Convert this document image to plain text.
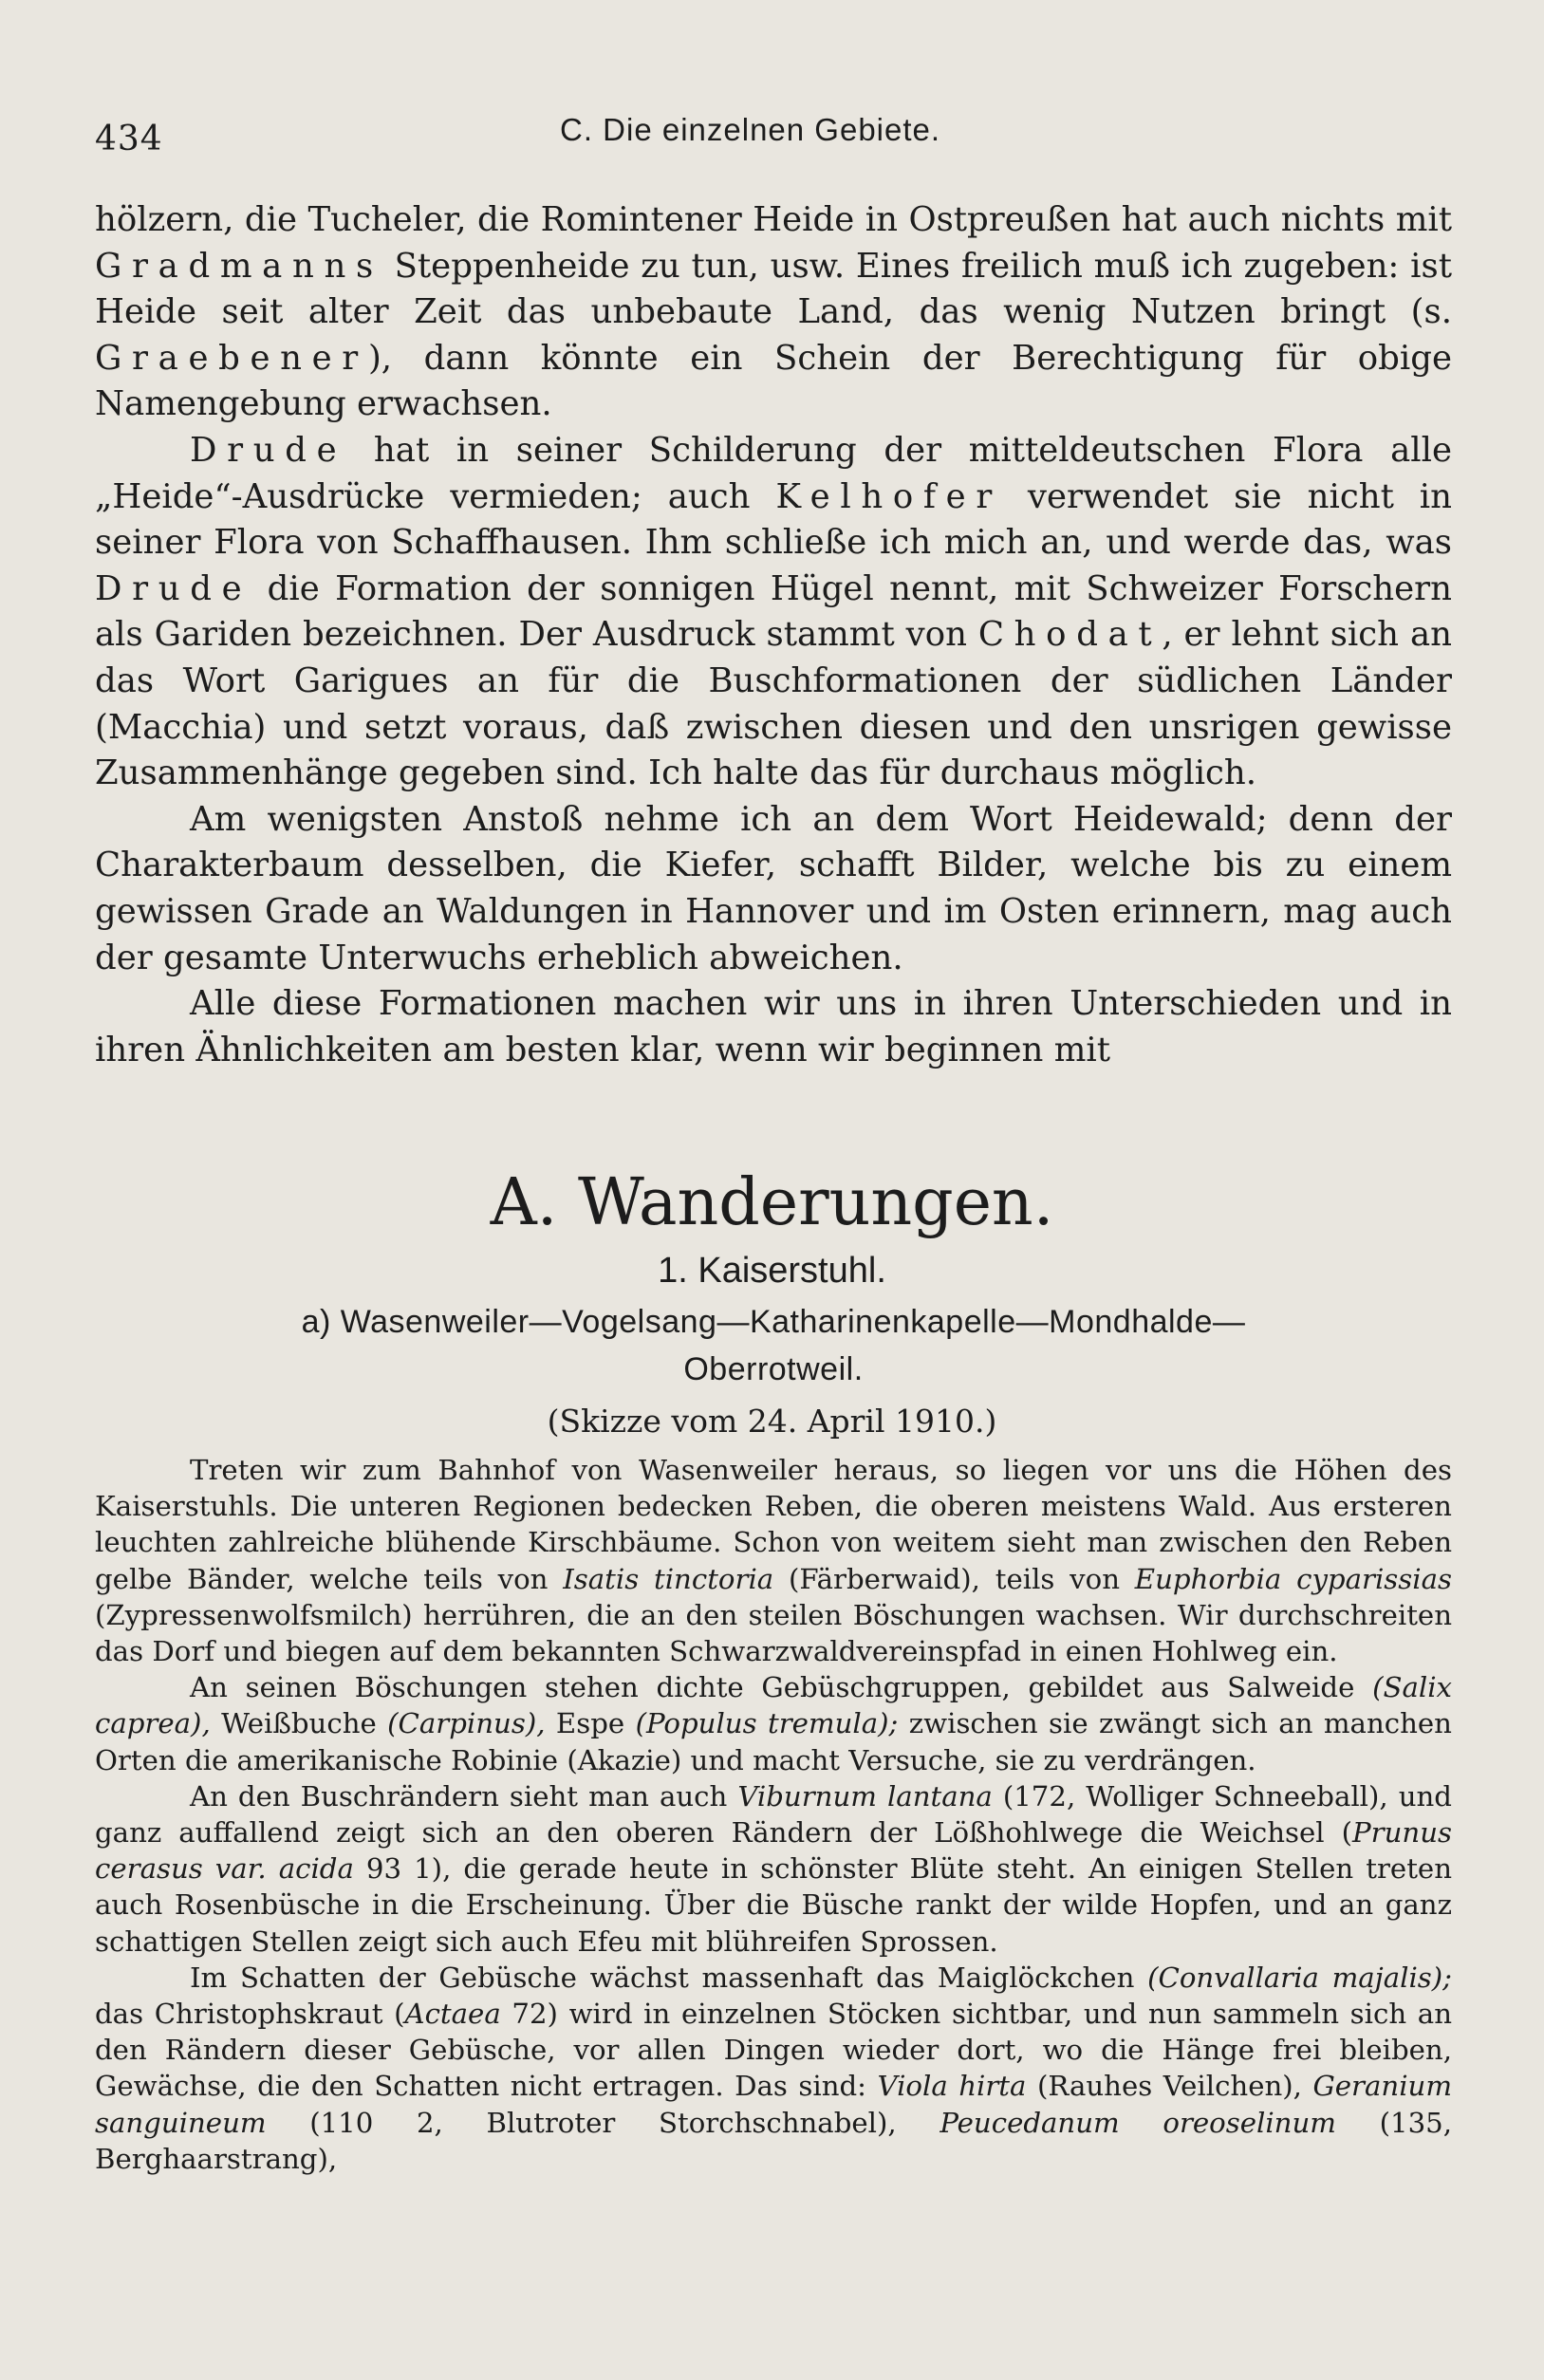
434	C. Die einzelnen Gebiete.

hölzern, die Tucheler, die Romintener Heide in Ostpreußen hat auch nichts mit Gradmanns Steppenheide zu tun, usw. Eines freilich muß ich zugeben: ist Heide seit alter Zeit das unbebaute Land, das wenig Nutzen bringt (s. Graebener), dann könnte ein Schein der Berechtigung für obige Namengebung erwachsen.

Drude hat in seiner Schilderung der mitteldeutschen Flora alle „Heide“-Ausdrücke vermieden; auch Kelhofer verwendet sie nicht in seiner Flora von Schaffhausen. Ihm schließe ich mich an, und werde das, was Drude die Formation der sonnigen Hügel nennt, mit Schweizer Forschern als Gariden bezeichnen. Der Ausdruck stammt von Chodat, er lehnt sich an das Wort Garigues an für die Buschformationen der südlichen Länder (Macchia) und setzt voraus, daß zwischen diesen und den unsrigen gewisse Zusammenhänge gegeben sind. Ich halte das für durchaus möglich.

Am wenigsten Anstoß nehme ich an dem Wort Heidewald; denn der Charakterbaum desselben, die Kiefer, schafft Bilder, welche bis zu einem gewissen Grade an Waldungen in Hannover und im Osten erinnern, mag auch der gesamte Unterwuchs erheblich abweichen.

Alle diese Formationen machen wir uns in ihren Unterschieden und in ihren Ähnlichkeiten am besten klar, wenn wir beginnen mit

A. Wanderungen.
1. Kaiserstuhl.
a) Wasenweiler—Vogelsang—Katharinenkapelle—Mondhalde—
Oberrotweil.
(Skizze vom 24. April 1910.)

Treten wir zum Bahnhof von Wasenweiler heraus, so liegen vor uns die Höhen des Kaiserstuhls. Die unteren Regionen bedecken Reben, die oberen meistens Wald. Aus ersteren leuchten zahlreiche blühende Kirschbäume. Schon von weitem sieht man zwischen den Reben gelbe Bänder, welche teils von Isatis tinctoria (Färberwaid), teils von Euphorbia cyparissias (Zypressenwolfsmilch) herrühren, die an den steilen Böschungen wachsen. Wir durchschreiten das Dorf und biegen auf dem bekannten Schwarzwaldvereinspfad in einen Hohlweg ein.

An seinen Böschungen stehen dichte Gebüschgruppen, gebildet aus Salweide (Salix caprea), Weißbuche (Carpinus), Espe (Populus tremula); zwischen sie zwängt sich an manchen Orten die amerikanische Robinie (Akazie) und macht Versuche, sie zu verdrängen.

An den Buschrändern sieht man auch Viburnum lantana (172, Wolliger Schneeball), und ganz auffallend zeigt sich an den oberen Rändern der Lößhohlwege die Weichsel (Prunus cerasus var. acida 93 1), die gerade heute in schönster Blüte steht. An einigen Stellen treten auch Rosenbüsche in die Erscheinung. Über die Büsche rankt der wilde Hopfen, und an ganz schattigen Stellen zeigt sich auch Efeu mit blühreifen Sprossen.

Im Schatten der Gebüsche wächst massenhaft das Maiglöckchen (Convallaria majalis); das Christophskraut (Actaea 72) wird in einzelnen Stöcken sichtbar, und nun sammeln sich an den Rändern dieser Gebüsche, vor allen Dingen wieder dort, wo die Hänge frei bleiben, Gewächse, die den Schatten nicht ertragen. Das sind: Viola hirta (Rauhes Veilchen), Geranium sanguineum (110 2, Blutroter Storchschnabel), Peucedanum oreoselinum (135, Berghaarstrang),
